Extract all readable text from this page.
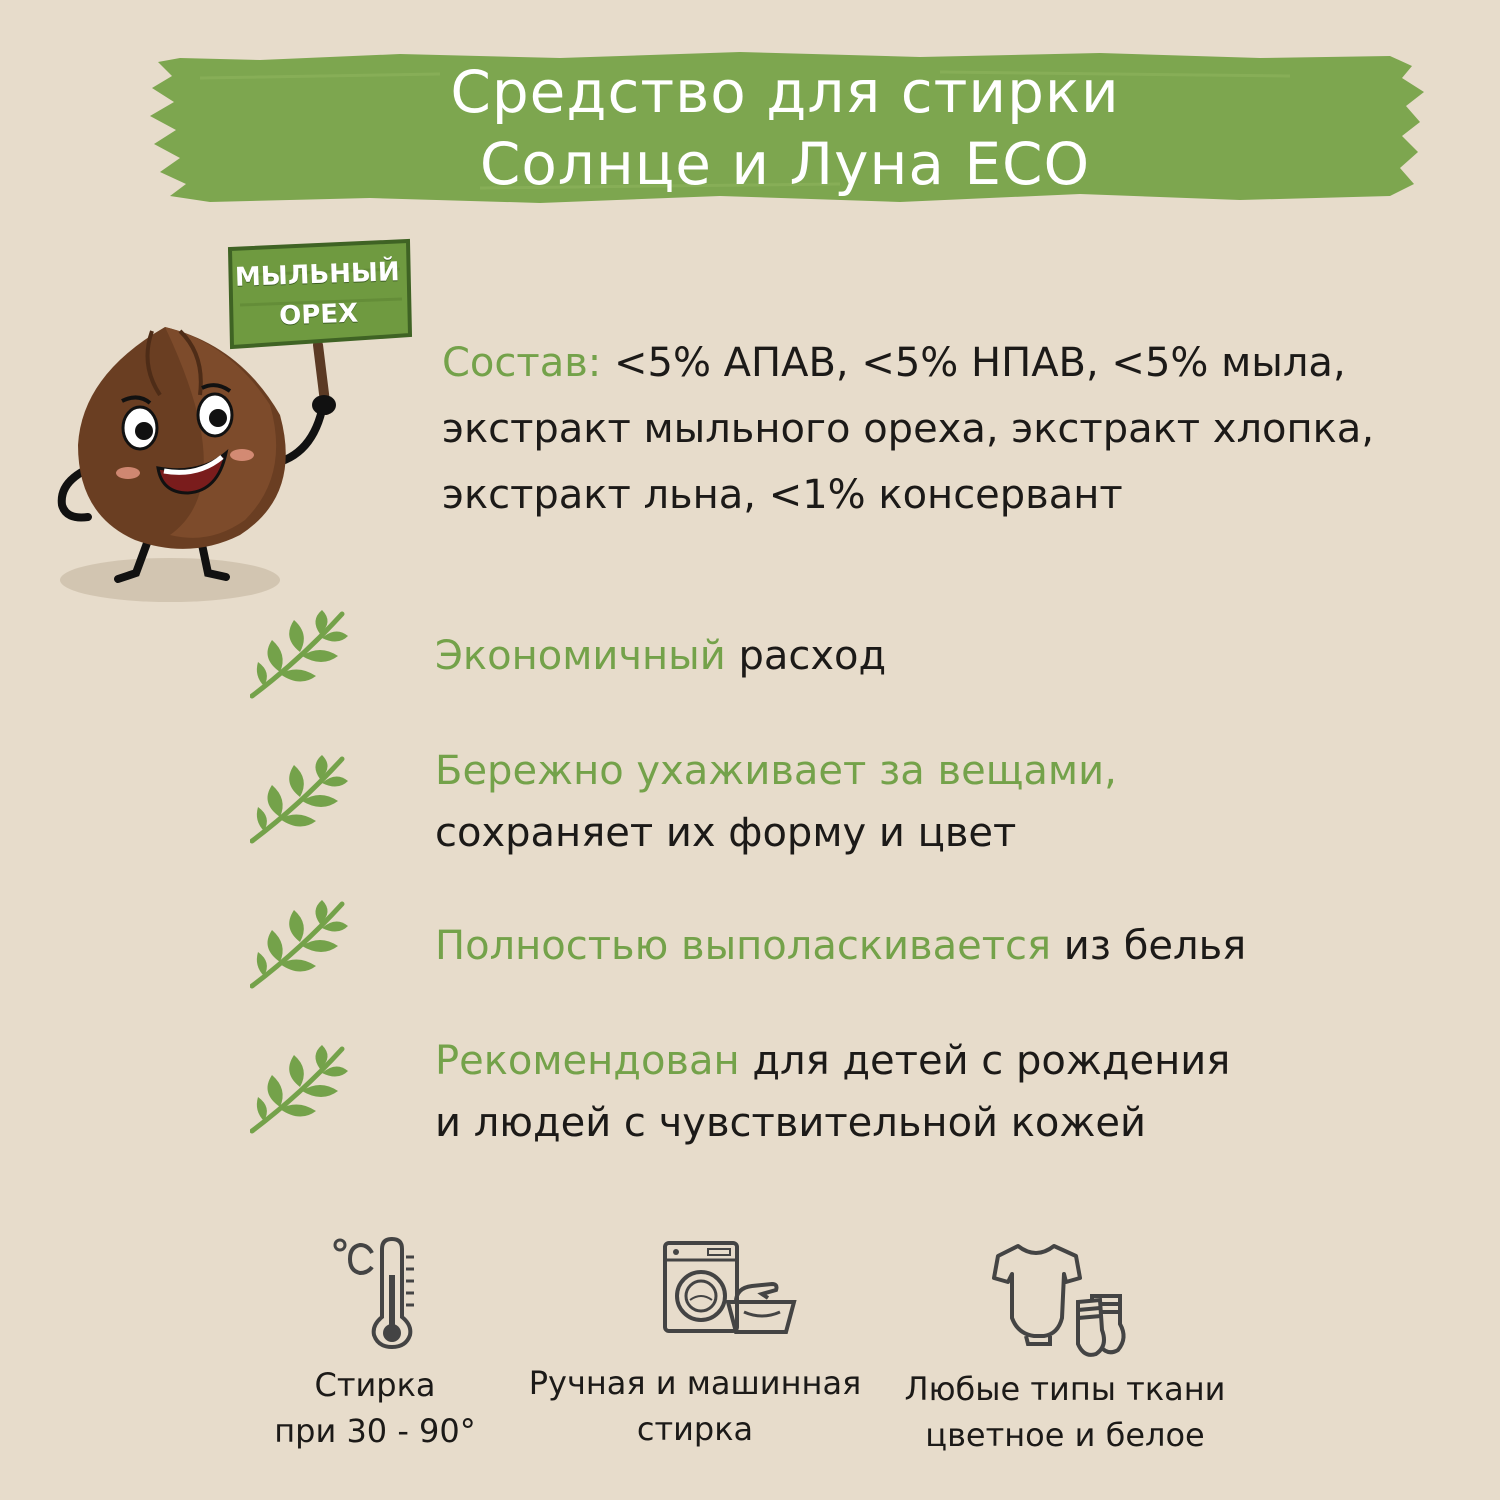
Средство для стирки
Солнце и Луна ECO
МЫЛЬНЫЙ
ОРЕХ
Состав: <5% АПАВ, <5% НПАВ, <5% мыла,
экстракт мыльного ореха, экстракт хлопка,
экстракт льна, <1% консервант
Экономичный расход
Бережно ухаживает за вещами,
сохраняет их форму и цвет
Полностью выполаскивается из белья
Рекомендован для детей с рождения
и людей с чувствительной кожей
Стирка
при 30 - 90°
Ручная и машинная
стирка
Любые типы ткани
цветное и белое
